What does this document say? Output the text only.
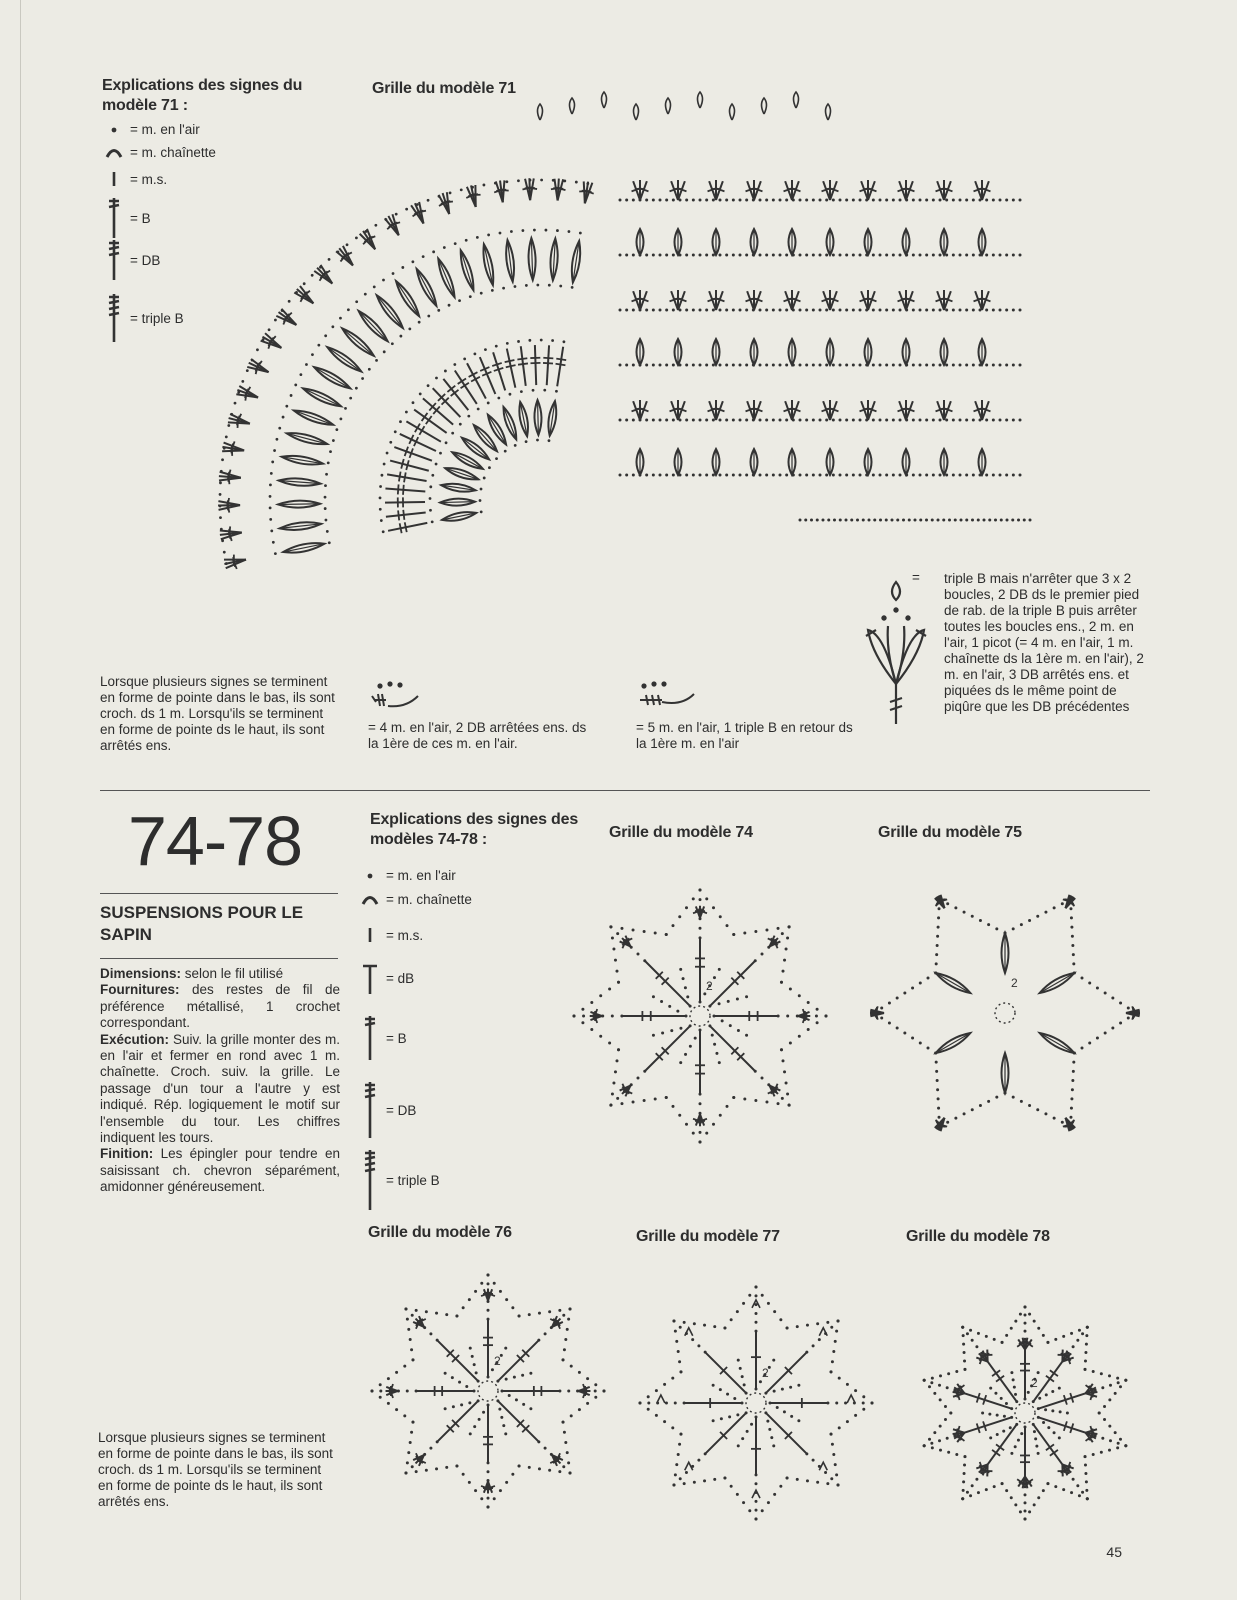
Explications des signes du modèle 71 :
= m. en l'air
= m. chaînette
= m.s.
= B
= DB
= triple B
Grille du modèle 71
Lorsque plusieurs signes se terminent en forme de pointe dans le bas, ils sont croch. ds 1 m. Lorsqu'ils se terminent en forme de pointe ds le haut, ils sont arrêtés ens.
= 4 m. en l'air, 2 DB arrêtées ens. ds la 1ère de ces m. en l'air.
= 5 m. en l'air, 1 triple B en retour ds la 1ère m. en l'air
= triple B mais n'arrêter que 3 x 2 boucles, 2 DB ds le premier pied de rab. de la triple B puis arrêter toutes les boucles ens., 2 m. en l'air, 1 picot (= 4 m. en l'air, 1 m. chaînette ds la 1ère m. en l'air), 2 m. en l'air, 3 DB arrêtés ens. et piquées ds le même point de piqûre que les DB précédentes
74-78
SUSPENSIONS POUR LE SAPIN

Dimensions: selon le fil utilisé

Fournitures: des restes de fil de préférence métallisé, 1 crochet correspondant.

Exécution: Suiv. la grille monter des m. en l'air et fermer en rond avec 1 m. chaînette. Croch. suiv. la grille. Le passage d'un tour a l'autre y est indiqué. Rép. logiquement le motif sur l'ensemble du tour. Les chiffres indiquent les tours.

Finition: Les épingler pour tendre en saisissant ch. chevron séparément, amidonner généreusement.

Explications des signes des modèles 74-78 :
= m. en l'air
= m. chaînette
= m.s.
= dB
= B
= DB
= triple B
Grille du modèle 74	Grille du modèle 75
Grille du modèle 76	Grille du modèle 77	Grille du modèle 78
2	2
2
2
2
Lorsque plusieurs signes se terminent en forme de pointe dans le bas, ils sont croch. ds 1 m. Lorsqu'ils se terminent en forme de pointe ds le haut, ils sont arrêtés ens.
45
